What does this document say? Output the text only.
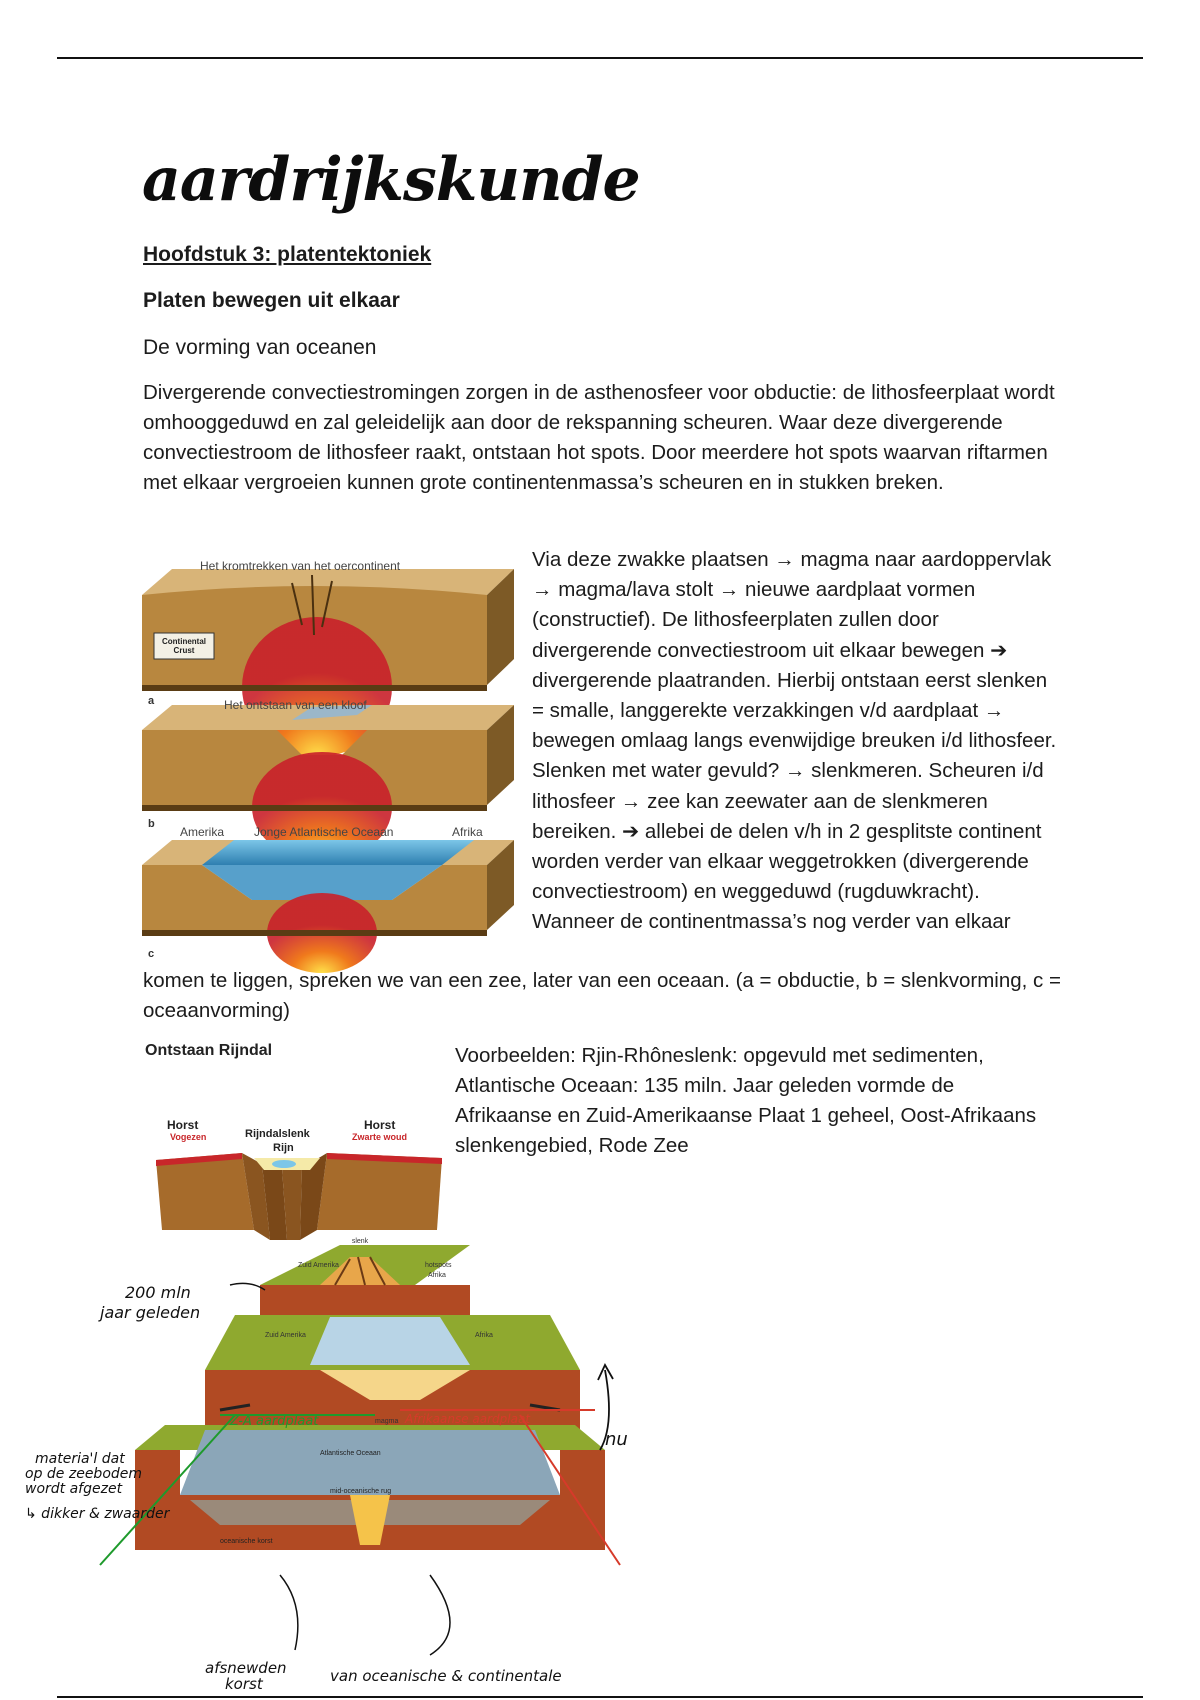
aardrijkskunde

Hoofdstuk 3: platentektoniek

Platen bewegen uit elkaar

De vorming van oceanen

Divergerende convectiestromingen zorgen in de asthenosfeer voor obductie: de lithosfeerplaat wordt omhooggeduwd en zal geleidelijk aan door de rekspanning scheuren. Waar deze divergerende convectiestroom de lithosfeer raakt, ontstaan hot spots. Door meerdere hot spots waarvan riftarmen met elkaar vergroeien kunnen grote continentenmassa’s scheuren en in stukken breken.

Het kromtrekken van het oercontinent
Continental Crust
a	Het ontstaan van een kloof
b
Amerika Jonge Atlantische Oceaan	Afrika
c

Via deze zwakke plaatsen → magma naar aardoppervlak → magma/lava stolt → nieuwe aardplaat vormen (constructief). De lithosfeerplaten zullen door divergerende convectiestroom uit elkaar bewegen ➔ divergerende plaatranden. Hierbij ontstaan eerst slenken = smalle, langgerekte verzakkingen v/d aardplaat → bewegen omlaag langs evenwijdige breuken i/d lithosfeer. Slenken met water gevuld? → slenkmeren. Scheuren i/d lithosfeer → zee kan zeewater aan de slenkmeren bereiken. ➔ allebei de delen v/h in 2 gesplitste continent worden verder van elkaar weggetrokken (divergerende convectiestroom) en weggeduwd (rugduwkracht). Wanneer de continentmassa’s nog verder van elkaar

komen te liggen, spreken we van een zee, later van een oceaan. (a = obductie, b = slenkvorming, c = oceaanvorming)

Ontstaan Rijndal
Horst
Vogezen	Rijndalslenk
Rijn
Horst
Zwarte woud

Voorbeelden: Rjin-Rhôneslenk: opgevuld met sedimenten, Atlantische Oceaan: 135 miln. Jaar geleden vormde de Afrikaanse en Zuid-Amerikaanse Plaat 1 geheel, Oost-Afrikaans slenkengebied, Rode Zee

slenk
hotspots
Zuid Amerika
Afrika
Zuid Amerika	Afrika
magma
Atlantische Oceaan
mid-oceanische rug
oceanische korst
200 mln
jaar geleden
materia'l dat
op de zeebodem
wordt afgezet
↳ dikker & zwaarder
Z-A aardplaat	Afrikaanse aardplaat
nu
afsnewden
korst	van oceanische & continentale
